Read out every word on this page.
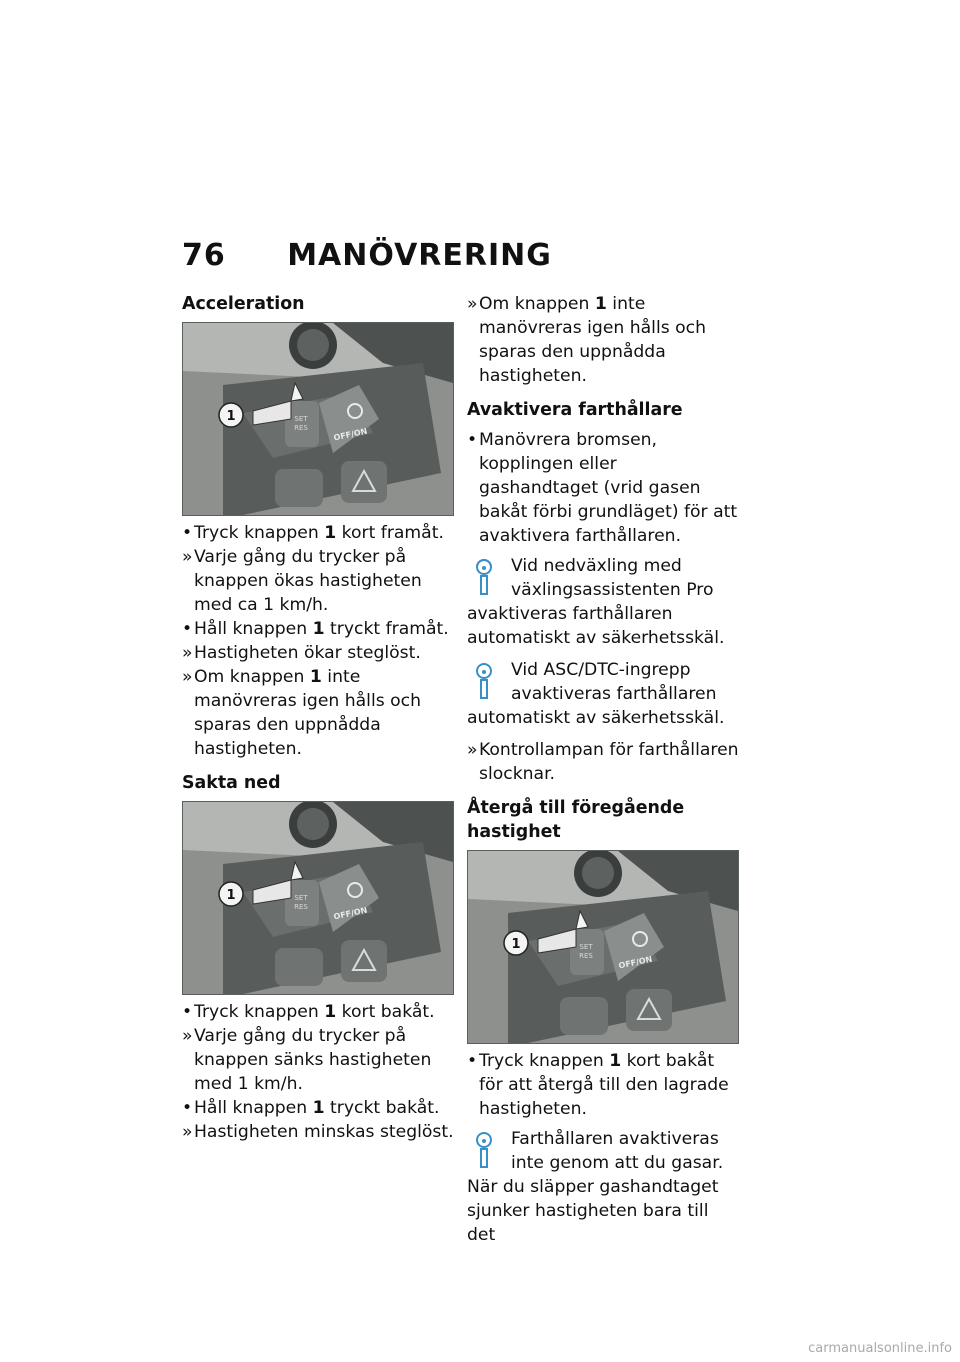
76 MANÖVRERING
Acceleration
1	SET
RES	OFF/ON

• Tryck knappen 1 kort framåt.

» Varje gång du trycker på knappen ökas hastigheten med ca 1 km/h.

• Håll knappen 1 tryckt framåt.

» Hastigheten ökar steglöst.

» Om knappen 1 inte manövreras igen hålls och sparas den uppnådda hastigheten.

Sakta ned
1	SET
RES	OFF/ON

• Tryck knappen 1 kort bakåt.

» Varje gång du trycker på knappen sänks hastigheten med 1 km/h.

• Håll knappen 1 tryckt bakåt.

» Hastigheten minskas steglöst.

» Om knappen 1 inte manövreras igen hålls och sparas den uppnådda hastigheten.

Avaktivera farthållare

• Manövrera bromsen, kopplingen eller gashandtaget (vrid gasen bakåt förbi grundläget) för att avaktivera farthållaren.

Vid nedväxling med växlingsassistenten Pro avaktiveras farthållaren automatiskt av säkerhetsskäl.
Vid ASC/DTC-ingrepp avaktiveras farthållaren automatiskt av säkerhetsskäl.

» Kontrollampan för farthållaren slocknar.

Återgå till föregående hastighet
1	SET
RES	OFF/ON

• Tryck knappen 1 kort bakåt för att återgå till den lagrade hastigheten.

Farthållaren avaktiveras inte genom att du gasar. När du släpper gashandtaget sjunker hastigheten bara till det
carmanualsonline.info
